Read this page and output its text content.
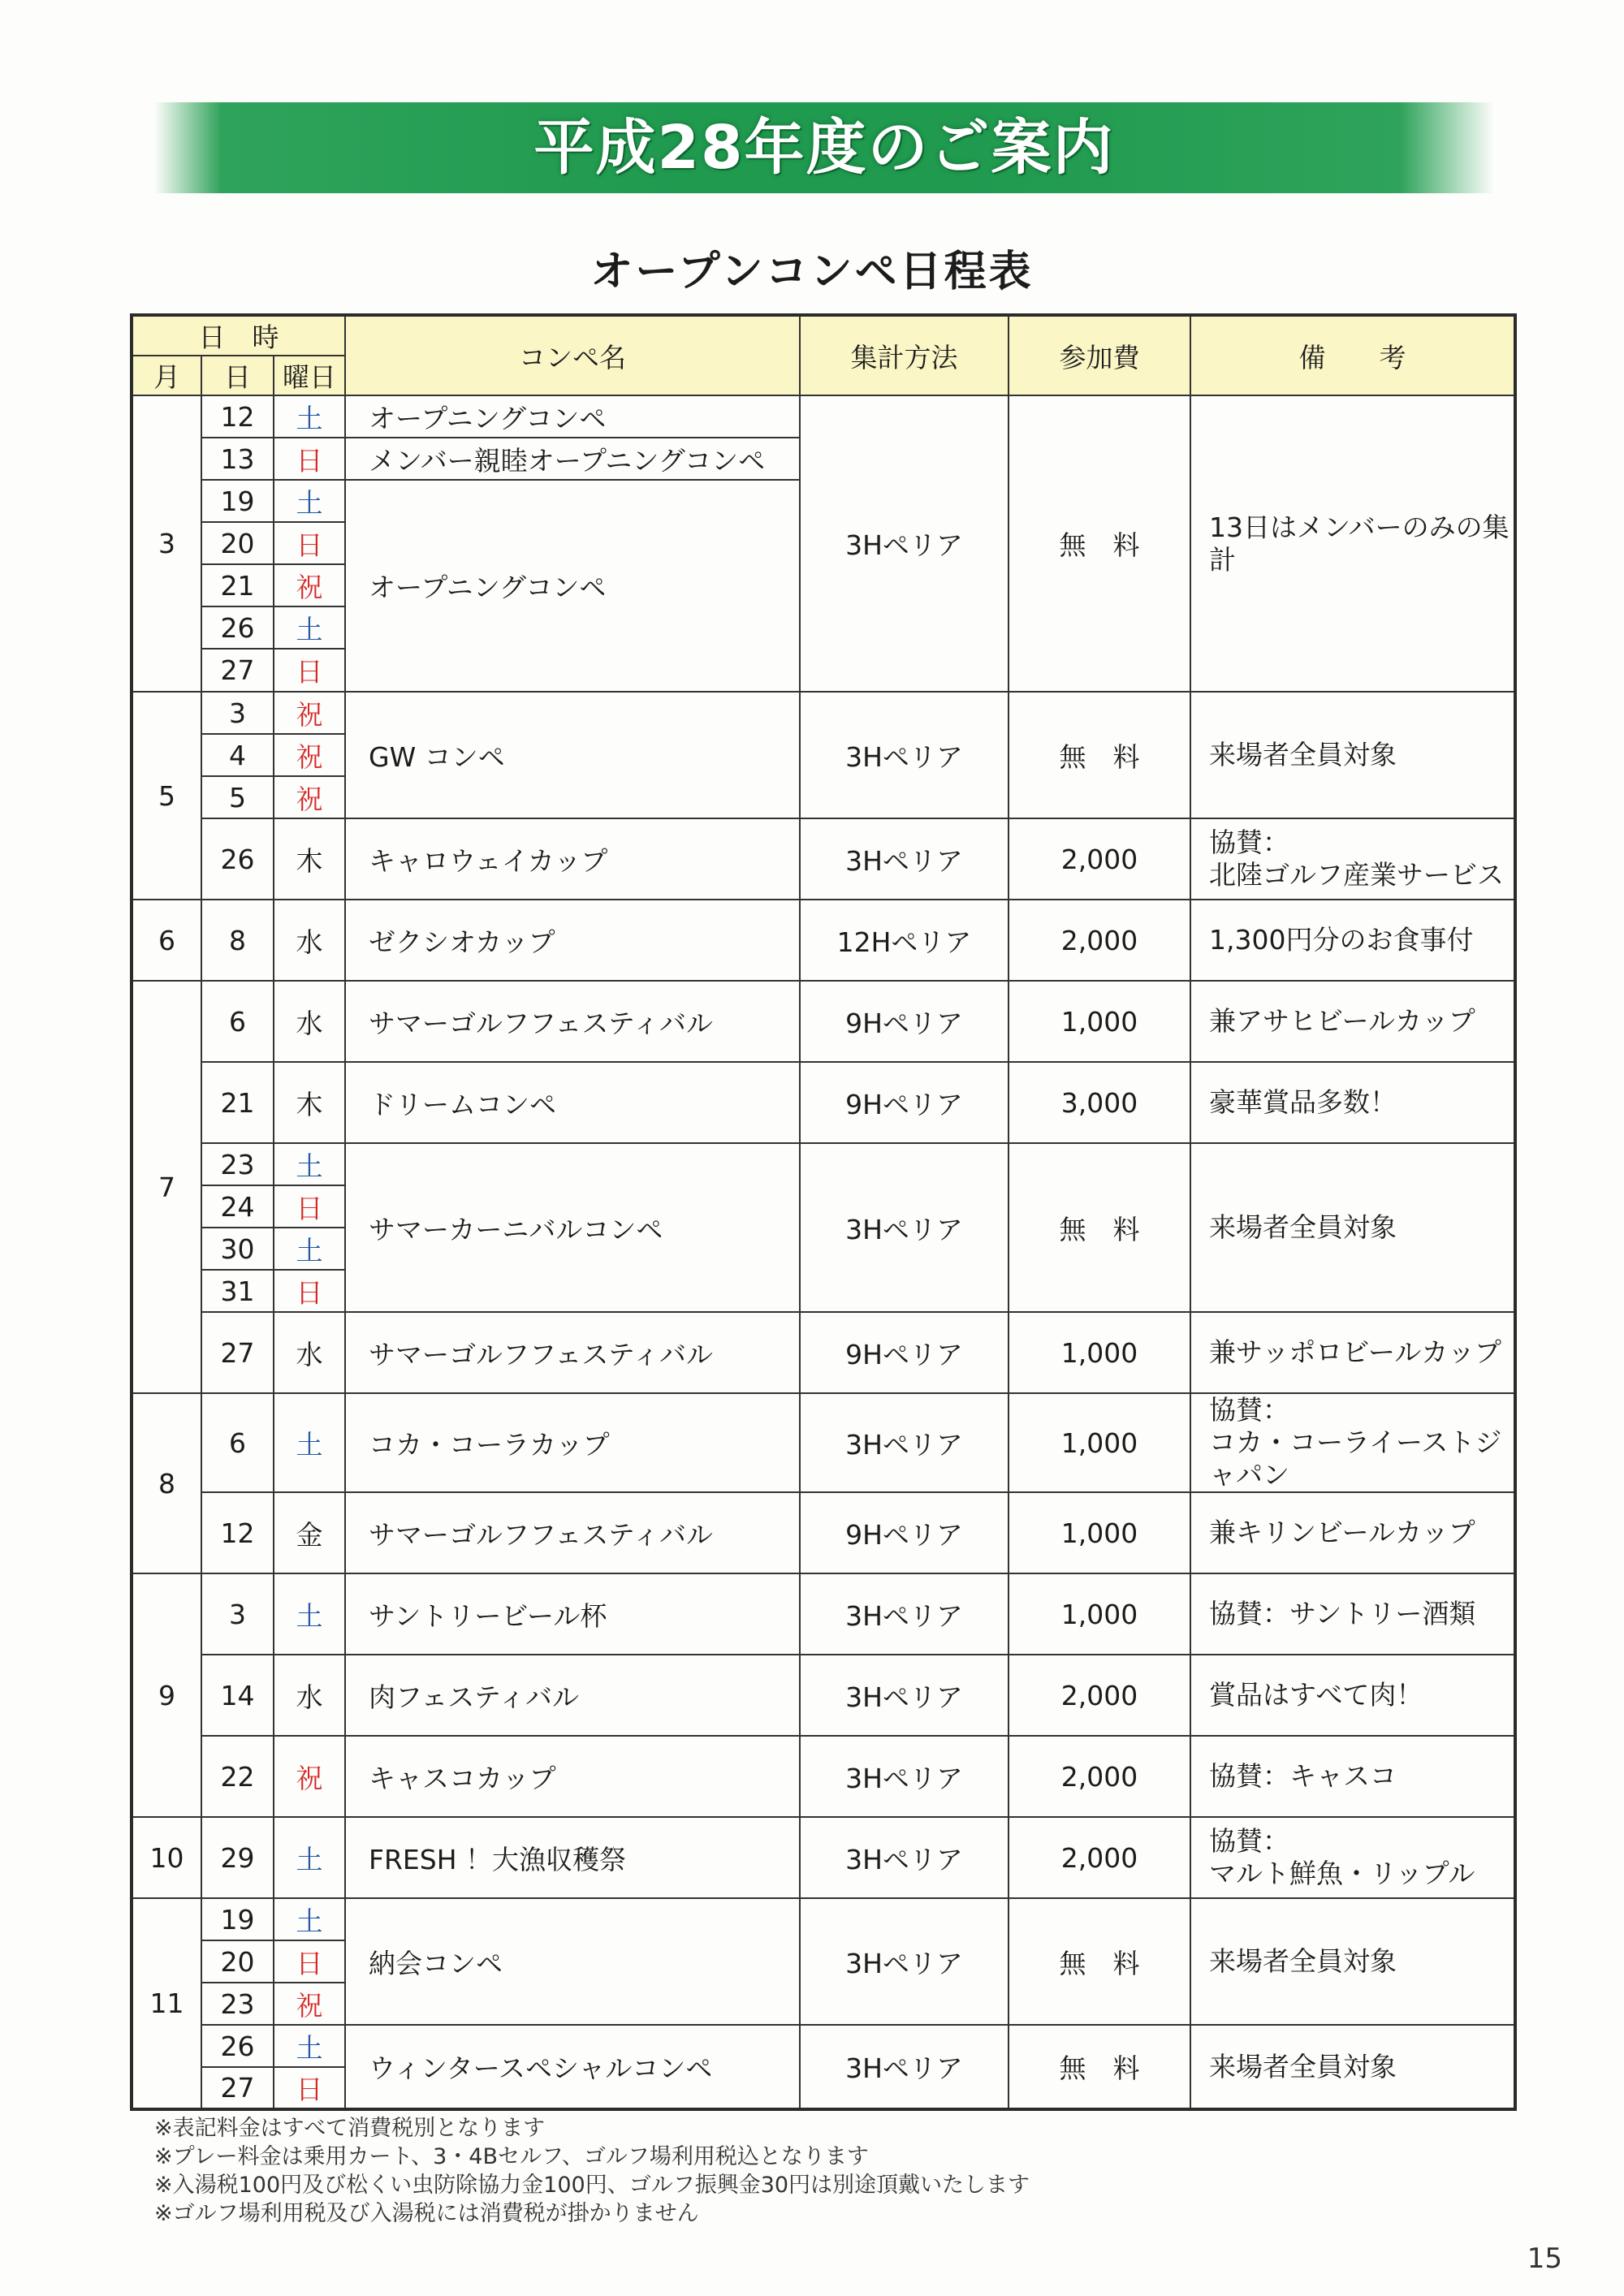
平成28年度のご案内
オープンコンペ日程表
日　時			コンペ名	集計方法	参加費	備　　考
月	日	曜日				
3	12	土	オープニングコンペ	3Hペリア	無　料	13日はメンバーのみの集計
	13	日	メンバー親睦オープニングコンペ			
	19	土	オープニングコンペ			
	20	日				
	21	祝				
	26	土				
	27	日				
5	3	祝	GW コンペ	3Hペリア	無　料	来場者全員対象
	4	祝				
	5	祝				
	26	木	キャロウェイカップ	3Hペリア	2,000	協賛：
北陸ゴルフ産業サービス
6	8	水	ゼクシオカップ	12Hペリア	2,000	1,300円分のお食事付
7	6	水	サマーゴルフフェスティバル	9Hペリア	1,000	兼アサヒビールカップ
	21	木	ドリームコンペ	9Hペリア	3,000	豪華賞品多数！
	23	土	サマーカーニバルコンペ	3Hペリア	無　料	来場者全員対象
	24	日				
	30	土				
	31	日				
	27	水	サマーゴルフフェスティバル	9Hペリア	1,000	兼サッポロビールカップ
8	6	土	コカ・コーラカップ	3Hペリア	1,000	協賛：
コカ・コーライーストジャパン
	12	金	サマーゴルフフェスティバル	9Hペリア	1,000	兼キリンビールカップ
9	3	土	サントリービール杯	3Hペリア	1,000	協賛：サントリー酒類
	14	水	肉フェスティバル	3Hペリア	2,000	賞品はすべて肉！
	22	祝	キャスコカップ	3Hペリア	2,000	協賛：キャスコ
10	29	土	FRESH ！大漁収穫祭	3Hペリア	2,000	協賛：
マルト鮮魚・リップル
11	19	土	納会コンペ	3Hペリア	無　料	来場者全員対象
	20	日				
	23	祝				
	26	土	ウィンタースペシャルコンペ	3Hペリア	無　料	来場者全員対象
	27	日				
※表記料金はすべて消費税別となります
※プレー料金は乗用カート、3・4Bセルフ、ゴルフ場利用税込となります
※入湯税100円及び松くい虫防除協力金100円、ゴルフ振興金30円は別途頂戴いたします
※ゴルフ場利用税及び入湯税には消費税が掛かりません
15
